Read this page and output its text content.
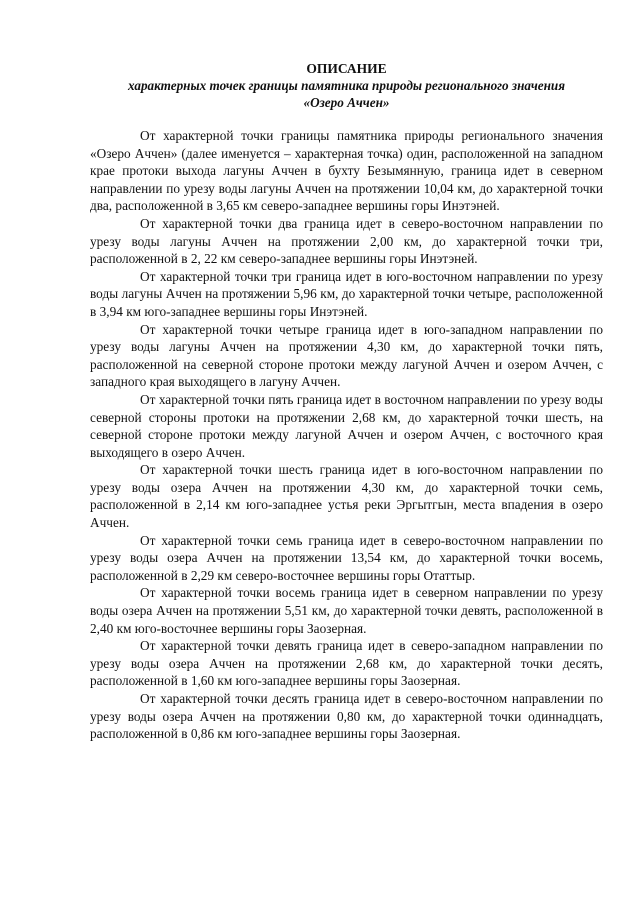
ОПИСАНИЕ
характерных точек границы памятника природы регионального значения
«Озеро Аччен»

От характерной точки границы памятника природы регионального значения «Озеро Аччен» (далее именуется – характерная точка) один, расположенной на западном крае протоки выхода лагуны Аччен в бухту Безымянную, граница идет в северном направлении по урезу воды лагуны Аччен на протяжении 10,04 км, до характерной точки два, расположенной в 3,65 км северо-западнее вершины горы Инэтэней.

От характерной точки два граница идет в северо-восточном направлении по урезу воды лагуны Аччен на протяжении 2,00 км, до характерной точки три, расположенной в 2, 22 км северо-западнее вершины горы Инэтэней.

От характерной точки три граница идет в юго-восточном направлении по урезу воды лагуны Аччен на протяжении 5,96 км, до характерной точки четыре, расположенной в 3,94 км юго-западнее вершины горы Инэтэней.

От характерной точки четыре граница идет в юго-западном направлении по урезу воды лагуны Аччен на протяжении 4,30 км, до характерной точки пять, расположенной на северной стороне протоки между лагуной Аччен и озером Аччен, с западного края выходящего в лагуну Аччен.

От характерной точки пять граница идет в восточном направлении по урезу воды северной стороны протоки на протяжении 2,68 км, до характерной точки шесть, на северной стороне протоки между лагуной Аччен и озером Аччен, с восточного края выходящего в озеро Аччен.

От характерной точки шесть граница идет в юго-восточном направлении по урезу воды озера Аччен на протяжении 4,30 км, до характерной точки семь, расположенной в 2,14 км юго-западнее устья реки Эргытгын, места впадения в озеро Аччен.

От характерной точки семь граница идет в северо-восточном направлении по урезу воды озера Аччен на протяжении 13,54 км, до характерной точки восемь, расположенной в 2,29 км северо-восточнее вершины горы Отаттыр.

От характерной точки восемь граница идет в северном направлении по урезу воды озера Аччен на протяжении 5,51 км, до характерной точки девять, расположенной в 2,40 км юго-восточнее вершины горы Заозерная.

От характерной точки девять граница идет в северо-западном направлении по урезу воды озера Аччен на протяжении 2,68 км, до характерной точки десять, расположенной в 1,60 км юго-западнее вершины горы Заозерная.

От характерной точки десять граница идет в северо-восточном направлении по урезу воды озера Аччен на протяжении 0,80 км, до характерной точки одиннадцать, расположенной в 0,86 км юго-западнее вершины горы Заозерная.
